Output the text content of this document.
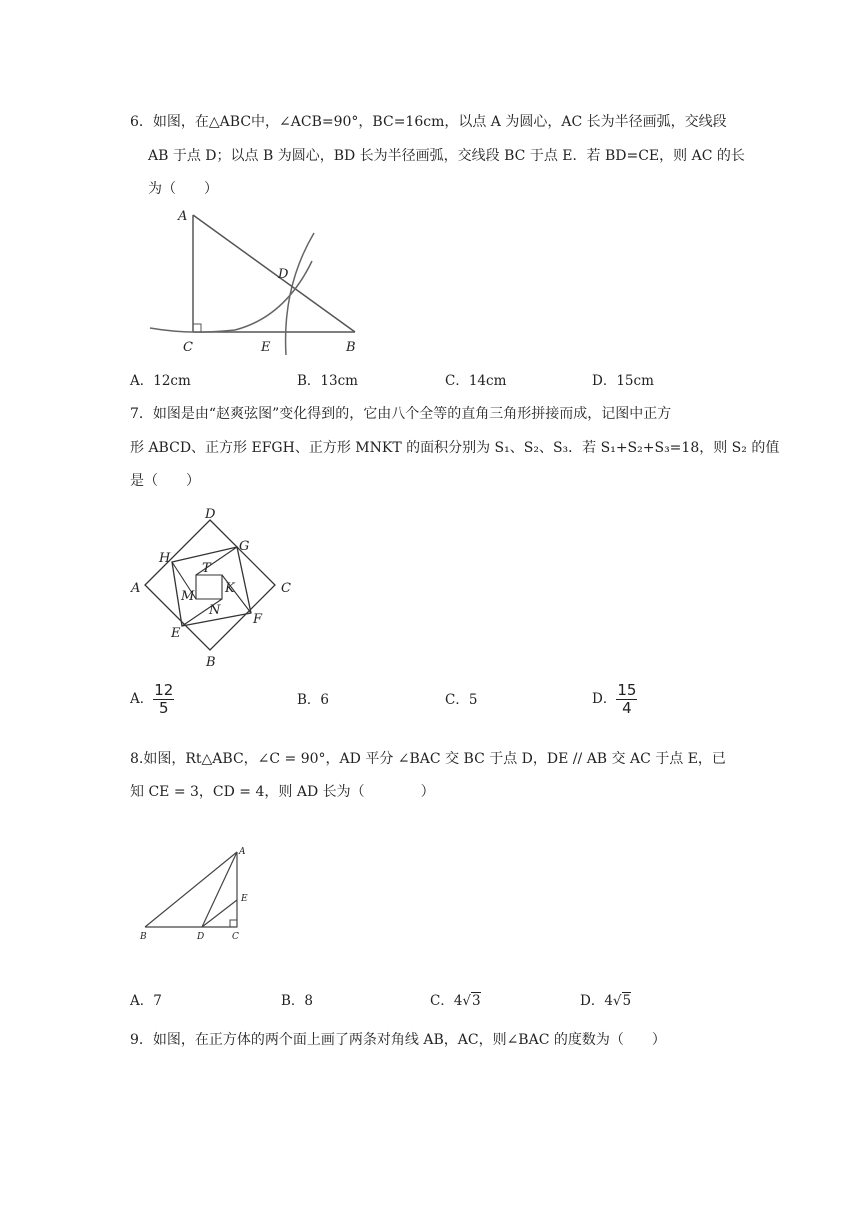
6．如图，在△ABC中，∠ACB=90°，BC=16cm，以点 A 为圆心，AC 长为半径画弧，交线段
AB 于点 D；以点 B 为圆心，BD 长为半径画弧，交线段 BC 于点 E．若 BD=CE，则 AC 的长
为（　　）
A
D
C	E	B
A．12cm	B．13cm	C．14cm	D．15cm
7．如图是由“赵爽弦图”变化得到的，它由八个全等的直角三角形拼接而成，记图中正方
形 ABCD、正方形 EFGH、正方形 MNKT 的面积分别为 S₁、S₂、S₃．若 S₁+S₂+S₃=18，则 S₂ 的值
是（　　）
D
G
H
T
A	C
K
M
N
F
E
B
A． $\frac{12}{5}$	B．6	C．5	D． $\frac{15}{4}$
8.如图，Rt△ABC，∠C = 90°，AD 平分 ∠BAC 交 BC 于点 D，DE // AB 交 AC 于点 E，已
知 CE = 3，CD = 4，则 AD 长为（　　　　）
A
E
B	D	C
A．7	B．8	C．4√3	D．4√5
9．如图，在正方体的两个面上画了两条对角线 AB，AC，则∠BAC 的度数为（　　）
